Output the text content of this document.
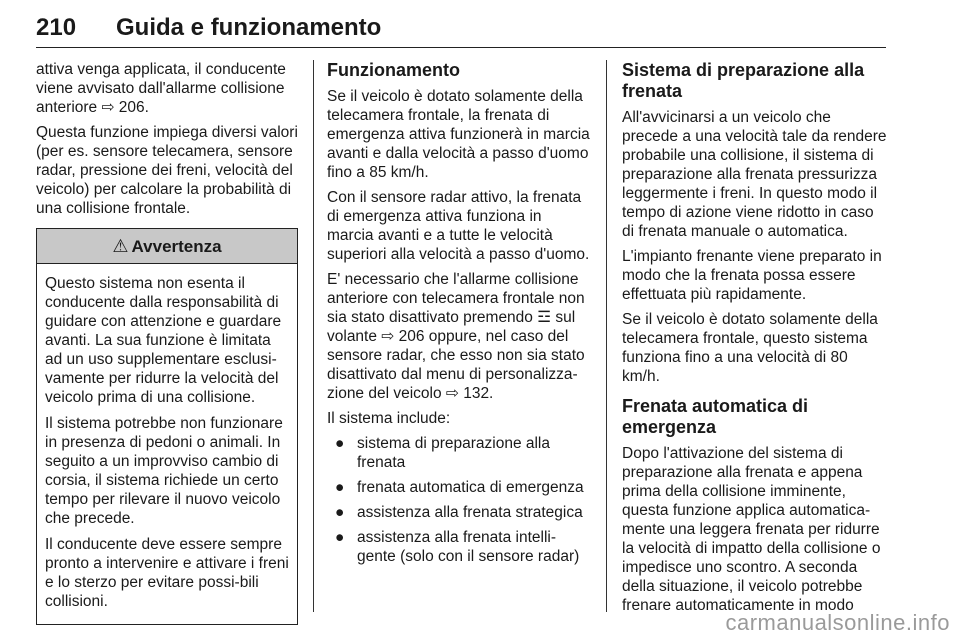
210	Guida e funzionamento

attiva venga applicata, il conducente viene avvisato dall'allarme collisione anteriore ⇨ 206.

Questa funzione impiega diversi valori (per es. sensore telecamera, sensore radar, pressione dei freni, velocità del veicolo) per calcolare la probabilità di una collisione frontale.

⚠ Avvertenza

Questo sistema non esenta il conducente dalla responsabilità di guidare con attenzione e guardare avanti. La sua funzione è limitata ad un uso supplementare esclusi-vamente per ridurre la velocità del veicolo prima di una collisione.

Il sistema potrebbe non funzionare in presenza di pedoni o animali. In seguito a un improvviso cambio di corsia, il sistema richiede un certo tempo per rilevare il nuovo veicolo che precede.

Il conducente deve essere sempre pronto a intervenire e attivare i freni e lo sterzo per evitare possi-bili collisioni.

Funzionamento

Se il veicolo è dotato solamente della telecamera frontale, la frenata di emergenza attiva funzionerà in marcia avanti e dalla velocità a passo d'uomo fino a 85 km/h.

Con il sensore radar attivo, la frenata di emergenza attiva funziona in marcia avanti e a tutte le velocità superiori alla velocità a passo d'uomo.

E' necessario che l'allarme collisione anteriore con telecamera frontale non sia stato disattivato premendo ☲ sul volante ⇨ 206 oppure, nel caso del sensore radar, che esso non sia stato disattivato dal menu di personalizza-zione del veicolo ⇨ 132.

Il sistema include:

● sistema di preparazione alla frenata
● frenata automatica di emergenza
● assistenza alla frenata strategica
● assistenza alla frenata intelli-gente (solo con il sensore radar)
Sistema di preparazione alla frenata

All'avvicinarsi a un veicolo che precede a una velocità tale da rendere probabile una collisione, il sistema di preparazione alla frenata pressurizza leggermente i freni. In questo modo il tempo di azione viene ridotto in caso di frenata manuale o automatica.

L'impianto frenante viene preparato in modo che la frenata possa essere effettuata più rapidamente.

Se il veicolo è dotato solamente della telecamera frontale, questo sistema funziona fino a una velocità di 80 km/h.

Frenata automatica di emergenza

Dopo l'attivazione del sistema di preparazione alla frenata e appena prima della collisione imminente, questa funzione applica automatica-mente una leggera frenata per ridurre la velocità di impatto della collisione o impedisce uno scontro. A seconda della situazione, il veicolo potrebbe frenare automaticamente in modo

carmanualsonline.info
